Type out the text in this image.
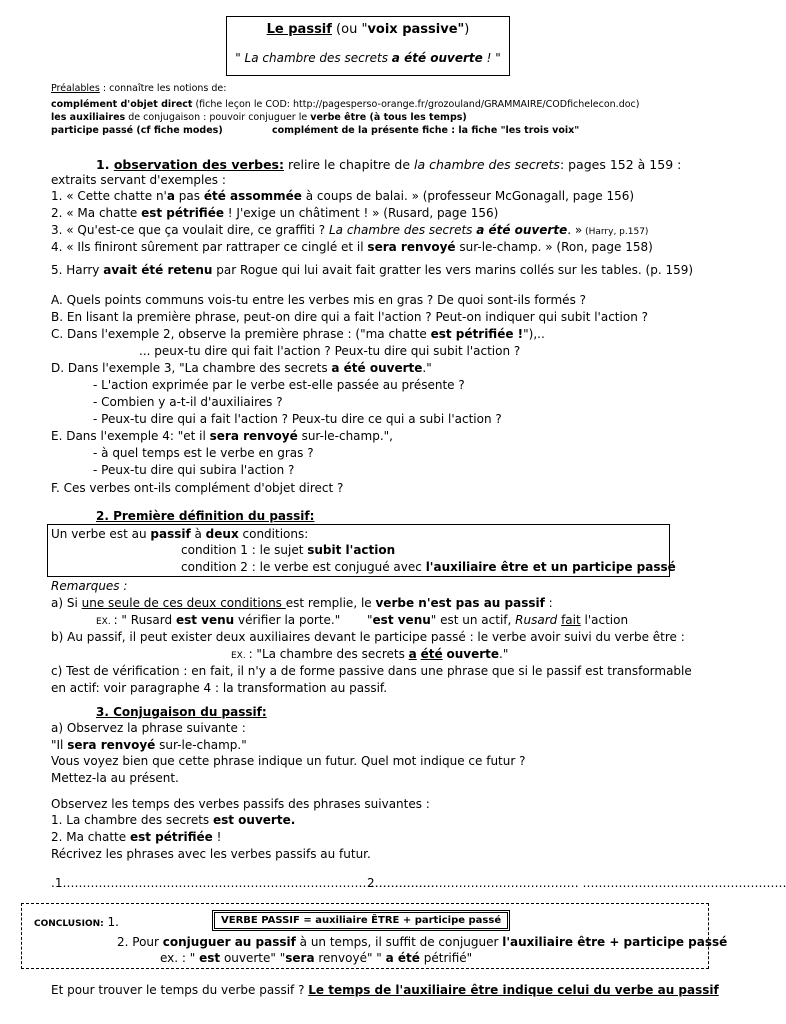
Le passif (ou "voix passive")
" La chambre des secrets a été ouverte ! "
Préalables : connaître les notions de:
complément d'objet direct (fiche leçon le COD: http://pagesperso-orange.fr/grozouland/GRAMMAIRE/CODfichelecon.doc)
les auxiliaires de conjugaison : pouvoir conjuguer le verbe être (à tous les temps)
participe passé (cf fiche modes)	complément de la présente fiche : la fiche "les trois voix"
1. observation des verbes: relire le chapitre de la chambre des secrets: pages 152 à 159 :
extraits servant d'exemples :
1. « Cette chatte n'a pas été assommée à coups de balai. » (professeur McGonagall, page 156)
2. « Ma chatte est pétrifiée ! J'exige un châtiment ! » (Rusard, page 156)
3. « Qu'est-ce que ça voulait dire, ce graffiti ? La chambre des secrets a été ouverte. » (Harry, p.157)
4. « Ils finiront sûrement par rattraper ce cinglé et il sera renvoyé sur-le-champ. » (Ron, page 158)
5. Harry avait été retenu par Rogue qui lui avait fait gratter les vers marins collés sur les tables. (p. 159)
A. Quels points communs vois-tu entre les verbes mis en gras ? De quoi sont-ils formés ?
B. En lisant la première phrase, peut-on dire qui a fait l'action ? Peut-on indiquer qui subit l'action ?
C. Dans l'exemple 2, observe la première phrase : ("ma chatte est pétrifiée !"),..
... peux-tu dire qui fait l'action ? Peux-tu dire qui subit l'action ?
D. Dans l'exemple 3, "La chambre des secrets a été ouverte."
- L'action exprimée par le verbe est-elle passée au présente ?
- Combien y a-t-il d'auxiliaires ?
- Peux-tu dire qui a fait l'action ? Peux-tu dire ce qui a subi l'action ?
E. Dans l'exemple 4: "et il sera renvoyé sur-le-champ.",
- à quel temps est le verbe en gras ?
- Peux-tu dire qui subira l'action ?
F. Ces verbes ont-ils complément d'objet direct ?
2. Première définition du passif:
Un verbe est au passif à deux conditions:
condition 1 : le sujet subit l'action
condition 2 : le verbe est conjugué avec l'auxiliaire être et un participe passé
Remarques :
a) Si une seule de ces deux conditions est remplie, le verbe n'est pas au passif :
EX. : " Rusard est venu vérifier la porte." "est venu" est un actif, Rusard fait l'action
b) Au passif, il peut exister deux auxiliaires devant le participe passé : le verbe avoir suivi du verbe être :
EX. : "La chambre des secrets a été ouverte."
c) Test de vérification : en fait, il n'y a de forme passive dans une phrase que si le passif est transformable
en actif: voir paragraphe 4 : la transformation au passif.
3. Conjugaison du passif:
a) Observez la phrase suivante :
"Il sera renvoyé sur-le-champ."
Vous voyez bien que cette phrase indique un futur. Quel mot indique ce futur ?
Mettez-la au présent.
Observez les temps des verbes passifs des phrases suivantes :
1. La chambre des secrets est ouverte.
2. Ma chatte est pétrifiée !
Récrivez les phrases avec les verbes passifs au futur.
.1…………………………………………………………………………………
2…………………………………………… ……………………………………………
CONCLUSION: 1.	VERBE PASSIF = auxiliaire ÊTRE + participe passé
2. Pour conjuguer au passif à un temps, il suffit de conjuguer l'auxiliaire être + participe passé
ex. : " est ouverte" "sera renvoyé" " a été pétrifié"
Et pour trouver le temps du verbe passif ? Le temps de l'auxiliaire être indique celui du verbe au passif
